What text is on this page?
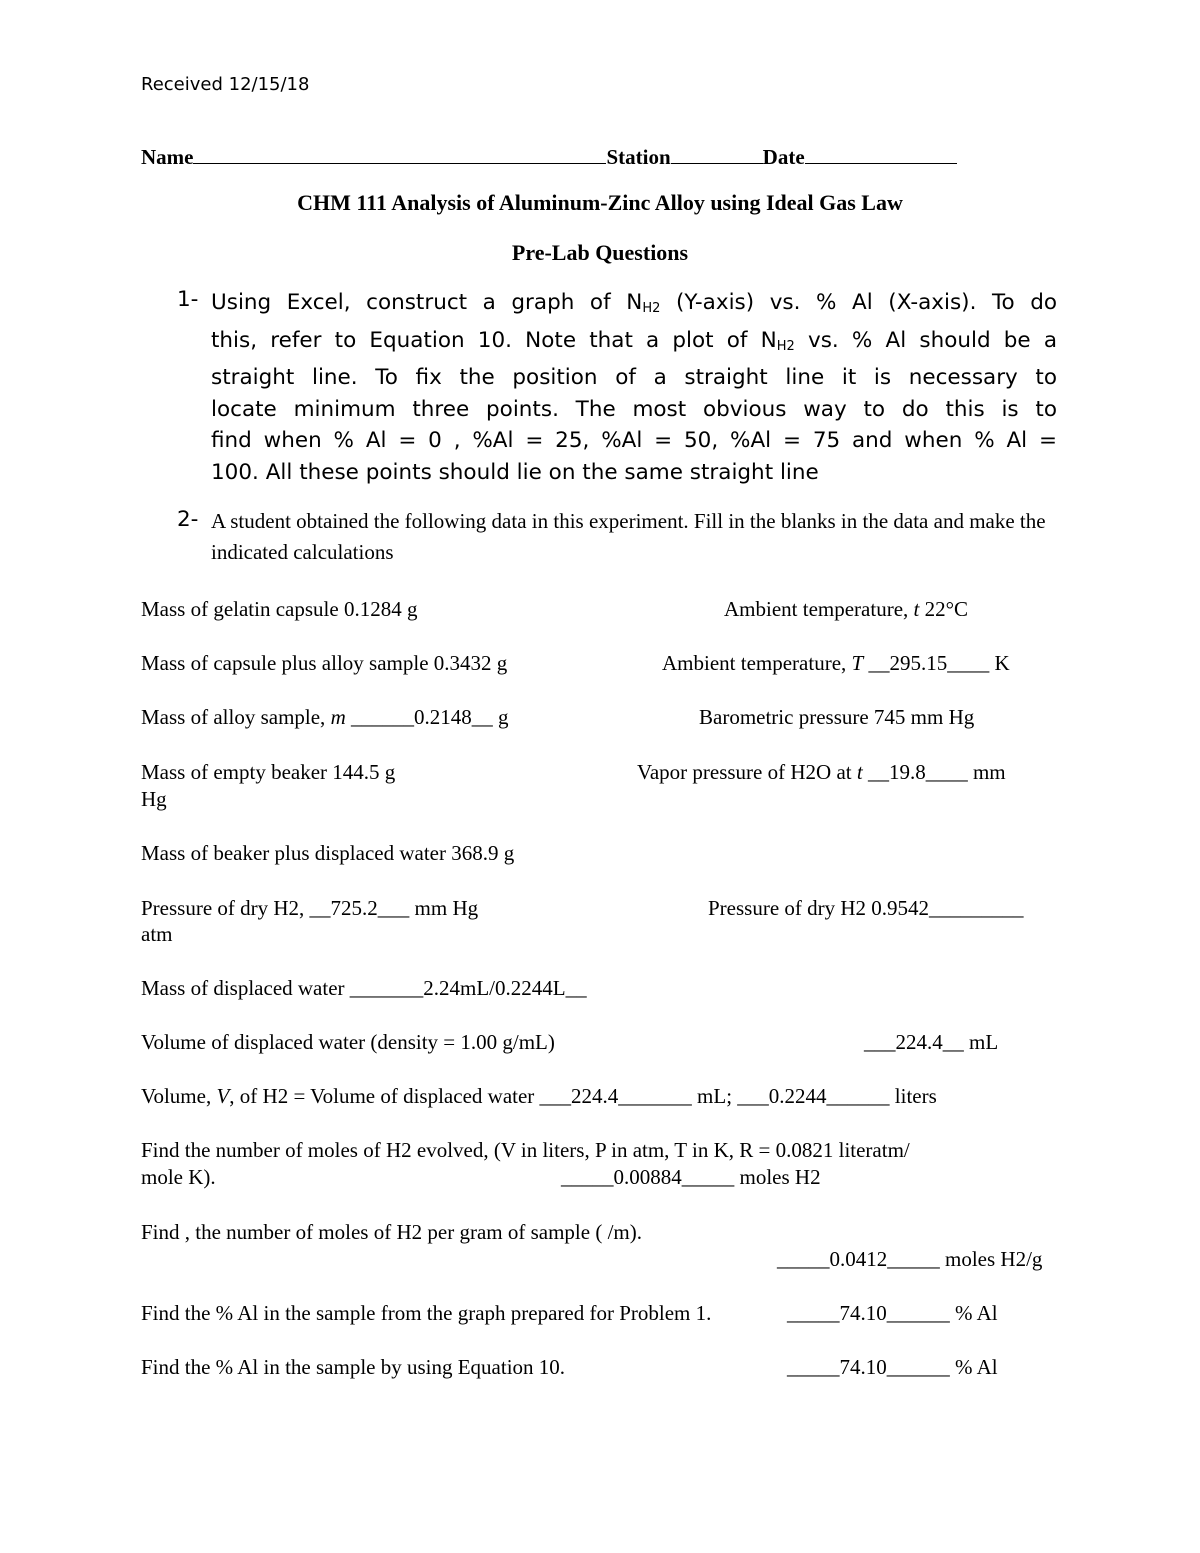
Received 12/15/18
Name	Station	Date
CHM 111 Analysis of Aluminum-Zinc Alloy using Ideal Gas Law
Pre-Lab Questions
1- Using Excel, construct a graph of $N_{H2}$ (Y-axis) vs. % Al (X-axis). To do
this, refer to Equation 10. Note that a plot of $N_{H2}$ vs. % Al should be a
straight line. To fix the position of a straight line it is necessary to
locate minimum three points. The most obvious way to do this is to
find when % Al = 0 , %Al = 25, %Al = 50, %Al = 75 and when % Al =
100. All these points should lie on the same straight line
2- A student obtained the following data in this experiment. Fill in the blanks in the data and make the indicated calculations
Mass of gelatin capsule 0.1284 g	Ambient temperature, t 22°C
Mass of capsule plus alloy sample 0.3432 g	Ambient temperature, T __295.15____ K
Mass of alloy sample, m ______0.2148__ g	Barometric pressure 745 mm Hg
Mass of empty beaker 144.5 g	Vapor pressure of H2O at t __19.8____ mm
Hg
Mass of beaker plus displaced water 368.9 g
Pressure of dry H2, __725.2___ mm Hg	Pressure of dry H2 0.9542_________
atm
Mass of displaced water _______2.24mL/0.2244L__
Volume of displaced water (density = 1.00 g/mL)	___224.4__ mL
Volume, V, of H2 = Volume of displaced water ___224.4_______ mL; ___0.2244______ liters
Find the number of moles of H2 evolved, (V in liters, P in atm, T in K, R = 0.0821 literatm/
mole K).	_____0.00884_____ moles H2
Find , the number of moles of H2 per gram of sample ( /m).
_____0.0412_____ moles H2/g
Find the % Al in the sample from the graph prepared for Problem 1.	_____74.10______ % Al
Find the % Al in the sample by using Equation 10.	_____74.10______ % Al
